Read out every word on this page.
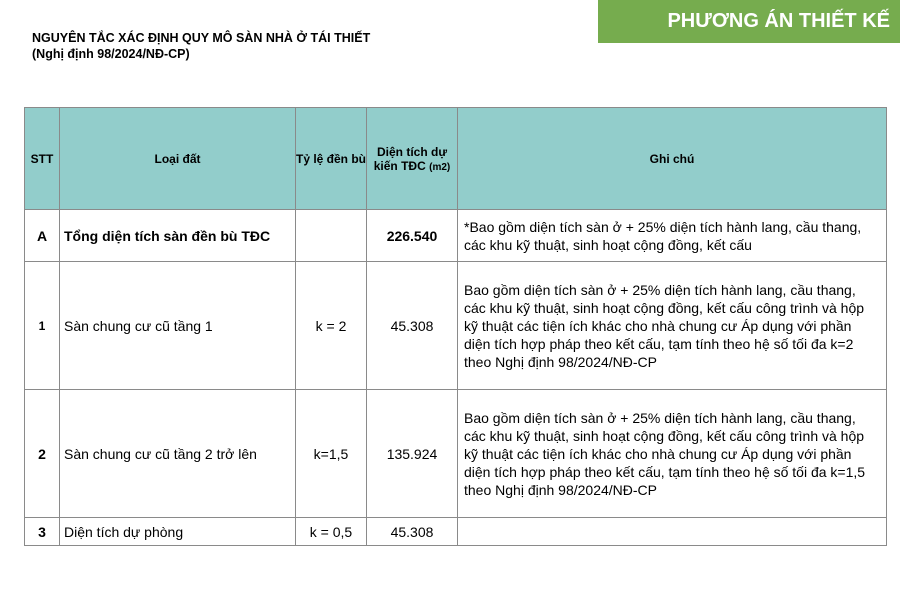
PHƯƠNG ÁN THIẾT KẾ
NGUYÊN TẮC XÁC ĐỊNH QUY MÔ SÀN NHÀ Ở TÁI THIẾT
(Nghị định 98/2024/NĐ-CP)
STT	Loại đất	Tỷ lệ đền bù	Diện tích dự kiến TĐC (m2)	Ghi chú
A	Tổng diện tích sàn đền bù TĐC		226.540	*Bao gồm diện tích sàn ở + 25% diện tích hành lang, cầu thang, các khu kỹ thuật, sinh hoạt cộng đồng, kết cấu
1	Sàn chung cư cũ tầng 1	k = 2	45.308	Bao gồm diện tích sàn ở + 25% diện tích hành lang, cầu thang, các khu kỹ thuật, sinh hoạt cộng đồng, kết cấu công trình và hộp kỹ thuật các tiện ích khác cho nhà chung cư Áp dụng với phần diện tích hợp pháp theo kết cấu, tạm tính theo hệ số tối đa k=2 theo Nghị định 98/2024/NĐ-CP
2	Sàn chung cư cũ tầng 2 trở lên	k=1,5	135.924	Bao gồm diện tích sàn ở + 25% diện tích hành lang, cầu thang, các khu kỹ thuật, sinh hoạt cộng đồng, kết cấu công trình và hộp kỹ thuật các tiện ích khác cho nhà chung cư Áp dụng với phần diện tích hợp pháp theo kết cấu, tạm tính theo hệ số tối đa k=1,5 theo Nghị định 98/2024/NĐ-CP
3	Diện tích dự phòng	k = 0,5	45.308	
